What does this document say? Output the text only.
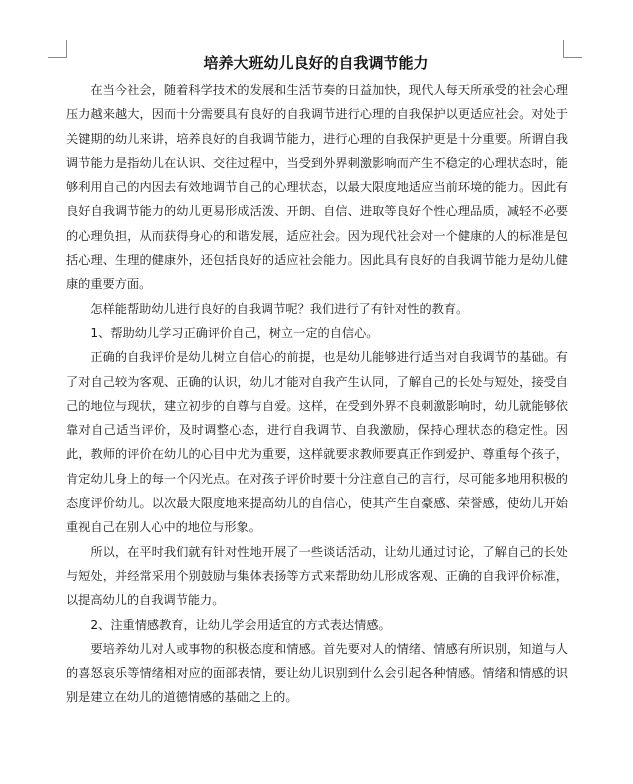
培养大班幼儿良好的自我调节能力

在当今社会，随着科学技术的发展和生活节奏的日益加快，现代人每天所承受的社会心理压力越来越大，因而十分需要具有良好的自我调节进行心理的自我保护以更适应社会。对处于关键期的幼儿来讲，培养良好的自我调节能力，进行心理的自我保护更是十分重要。所谓自我调节能力是指幼儿在认识、交往过程中，当受到外界刺激影响而产生不稳定的心理状态时，能够利用自己的内因去有效地调节自己的心理状态，以最大限度地适应当前环境的能力。因此有良好自我调节能力的幼儿更易形成活泼、开朗、自信、进取等良好个性心理品质，减轻不必要的心理负担，从而获得身心的和谐发展，适应社会。因为现代社会对一个健康的人的标准是包括心理、生理的健康外，还包括良好的适应社会能力。因此具有良好的自我调节能力是幼儿健康的重要方面。

怎样能帮助幼儿进行良好的自我调节呢？我们进行了有针对性的教育。

1、帮助幼儿学习正确评价自己，树立一定的自信心。

正确的自我评价是幼儿树立自信心的前提，也是幼儿能够进行适当对自我调节的基础。有了对自己较为客观、正确的认识，幼儿才能对自我产生认同，了解自己的长处与短处，接受自己的地位与现状，建立初步的自尊与自爱。这样，在受到外界不良刺激影响时，幼儿就能够依靠对自己适当评价，及时调整心态，进行自我调节、自我激励，保持心理状态的稳定性。因此，教师的评价在幼儿的心目中尤为重要，这样就要求教师要真正作到爱护、尊重每个孩子，肯定幼儿身上的每一个闪光点。在对孩子评价时要十分注意自己的言行，尽可能多地用积极的态度评价幼儿。以次最大限度地来提高幼儿的自信心，使其产生自豪感、荣誉感，使幼儿开始重视自己在别人心中的地位与形象。

所以，在平时我们就有针对性地开展了一些谈话活动，让幼儿通过讨论，了解自己的长处与短处，并经常采用个别鼓励与集体表扬等方式来帮助幼儿形成客观、正确的自我评价标准，以提高幼儿的自我调节能力。

2、注重情感教育，让幼儿学会用适宜的方式表达情感。

要培养幼儿对人或事物的积极态度和情感。首先要对人的情绪、情感有所识别，知道与人的喜怒哀乐等情绪相对应的面部表情，要让幼儿识别到什么会引起各种情感。情绪和情感的识别是建立在幼儿的道德情感的基础之上的。
